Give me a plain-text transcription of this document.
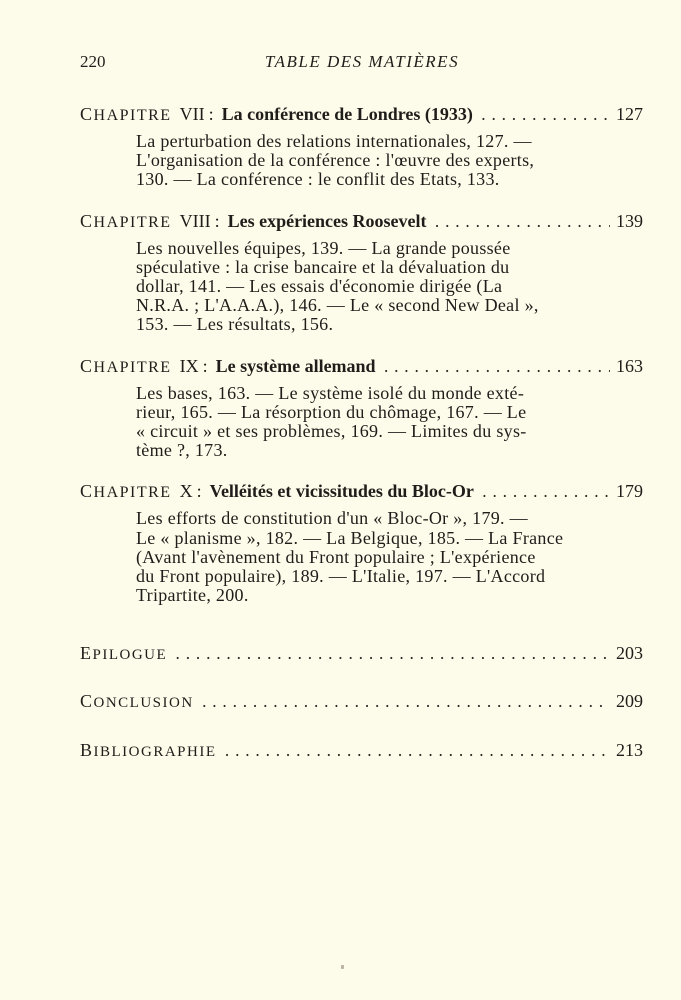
220	TABLE DES MATIÈRES
CHAPITRE VII : La conférence de Londres (1933) . . .	127
La perturbation des relations internationales, 127. —
L'organisation de la conférence : l'œuvre des experts,
130. — La conférence : le conflit des Etats, 133.
CHAPITRE VIII : Les expériences Roosevelt . . .	139
Les nouvelles équipes, 139. — La grande poussée
spéculative : la crise bancaire et la dévaluation du
dollar, 141. — Les essais d'économie dirigée (La
N.R.A. ; L'A.A.A.), 146. — Le « second New Deal »,
153. — Les résultats, 156.
CHAPITRE IX : Le système allemand . . .	163
Les bases, 163. — Le système isolé du monde exté-
rieur, 165. — La résorption du chômage, 167. — Le
« circuit » et ses problèmes, 169. — Limites du sys-
tème ?, 173.
CHAPITRE X : Velléités et vicissitudes du Bloc-Or . . .	179
Les efforts de constitution d'un « Bloc-Or », 179. —
Le « planisme », 182. — La Belgique, 185. — La France
(Avant l'avènement du Front populaire ; L'expérience
du Front populaire), 189. — L'Italie, 197. — L'Accord
Tripartite, 200.
EPILOGUE . . .	203
CONCLUSION . . .	209
BIBLIOGRAPHIE . . .	213
